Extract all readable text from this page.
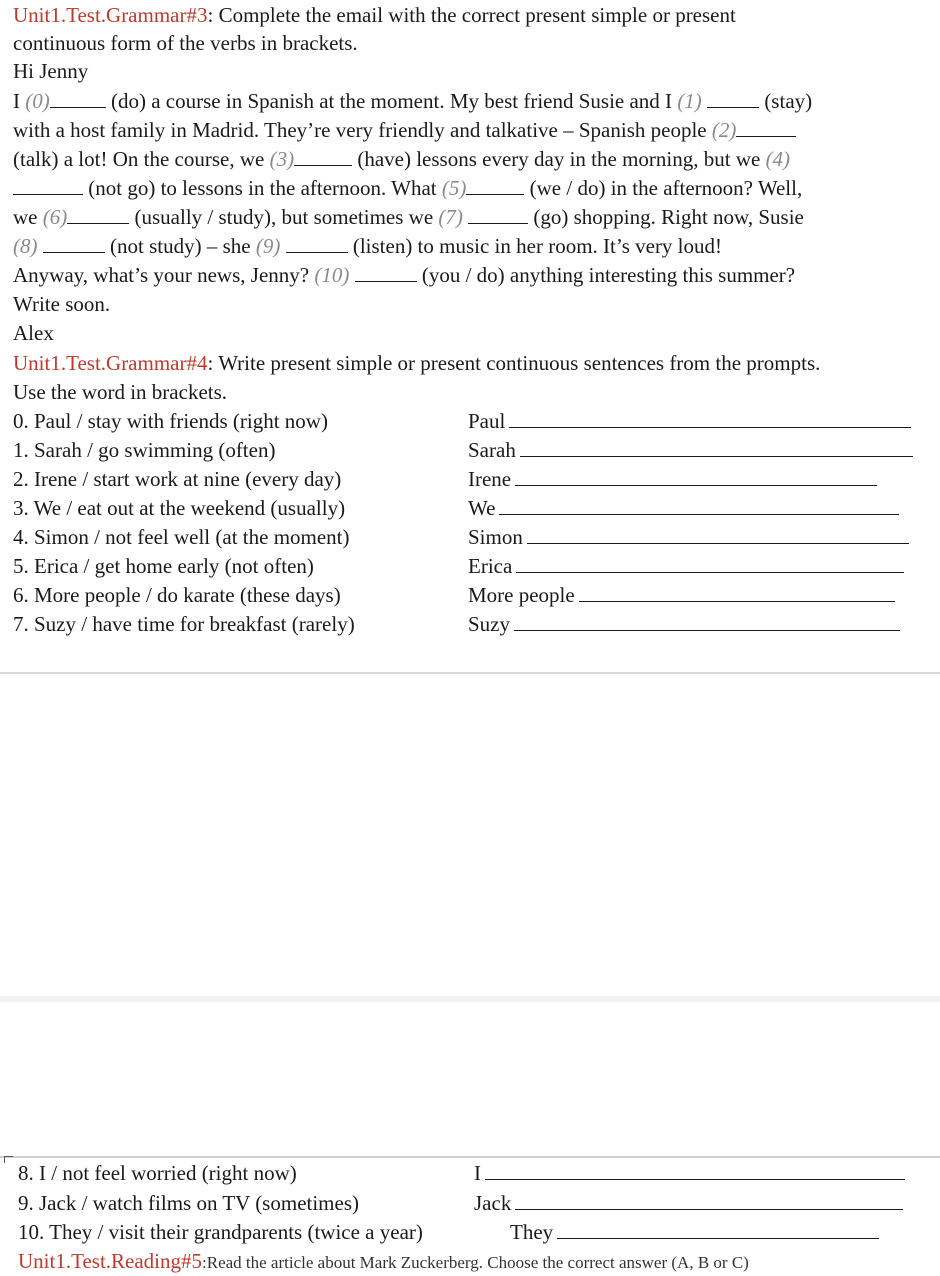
Unit1.Test.Grammar#3: Complete the email with the correct present simple or present
continuous form of the verbs in brackets.
Hi Jenny
I (0)	(do) a course in Spanish at the moment. My best friend Susie and I (1)	(stay)
with a host family in Madrid. They’re very friendly and talkative – Spanish people (2)
(talk) a lot! On the course, we (3)	(have) lessons every day in the morning, but we (4)
(not go) to lessons in the afternoon. What (5)	(we / do) in the afternoon? Well,
we (6)	(usually / study), but sometimes we (7)	(go) shopping. Right now, Susie
(8)	(not study) – she (9)	(listen) to music in her room. It’s very loud!
Anyway, what’s your news, Jenny? (10)	(you / do) anything interesting this summer?
Write soon.
Alex
Unit1.Test.Grammar#4: Write present simple or present continuous sentences from the prompts.
Use the word in brackets.
0. Paul / stay with friends (right now)	Paul
1. Sarah / go swimming (often)	Sarah
2. Irene / start work at nine (every day)	Irene
3. We / eat out at the weekend (usually)	We
4. Simon / not feel well (at the moment)	Simon
5. Erica / get home early (not often)	Erica
6. More people / do karate (these days)	More people
7. Suzy / have time for breakfast (rarely)	Suzy
8. I / not feel worried (right now)	I
9. Jack / watch films on TV (sometimes)	Jack
10. They / visit their grandparents (twice a year)	They
Unit1.Test.Reading#5:Read the article about Mark Zuckerberg. Choose the correct answer (A, B or C)
